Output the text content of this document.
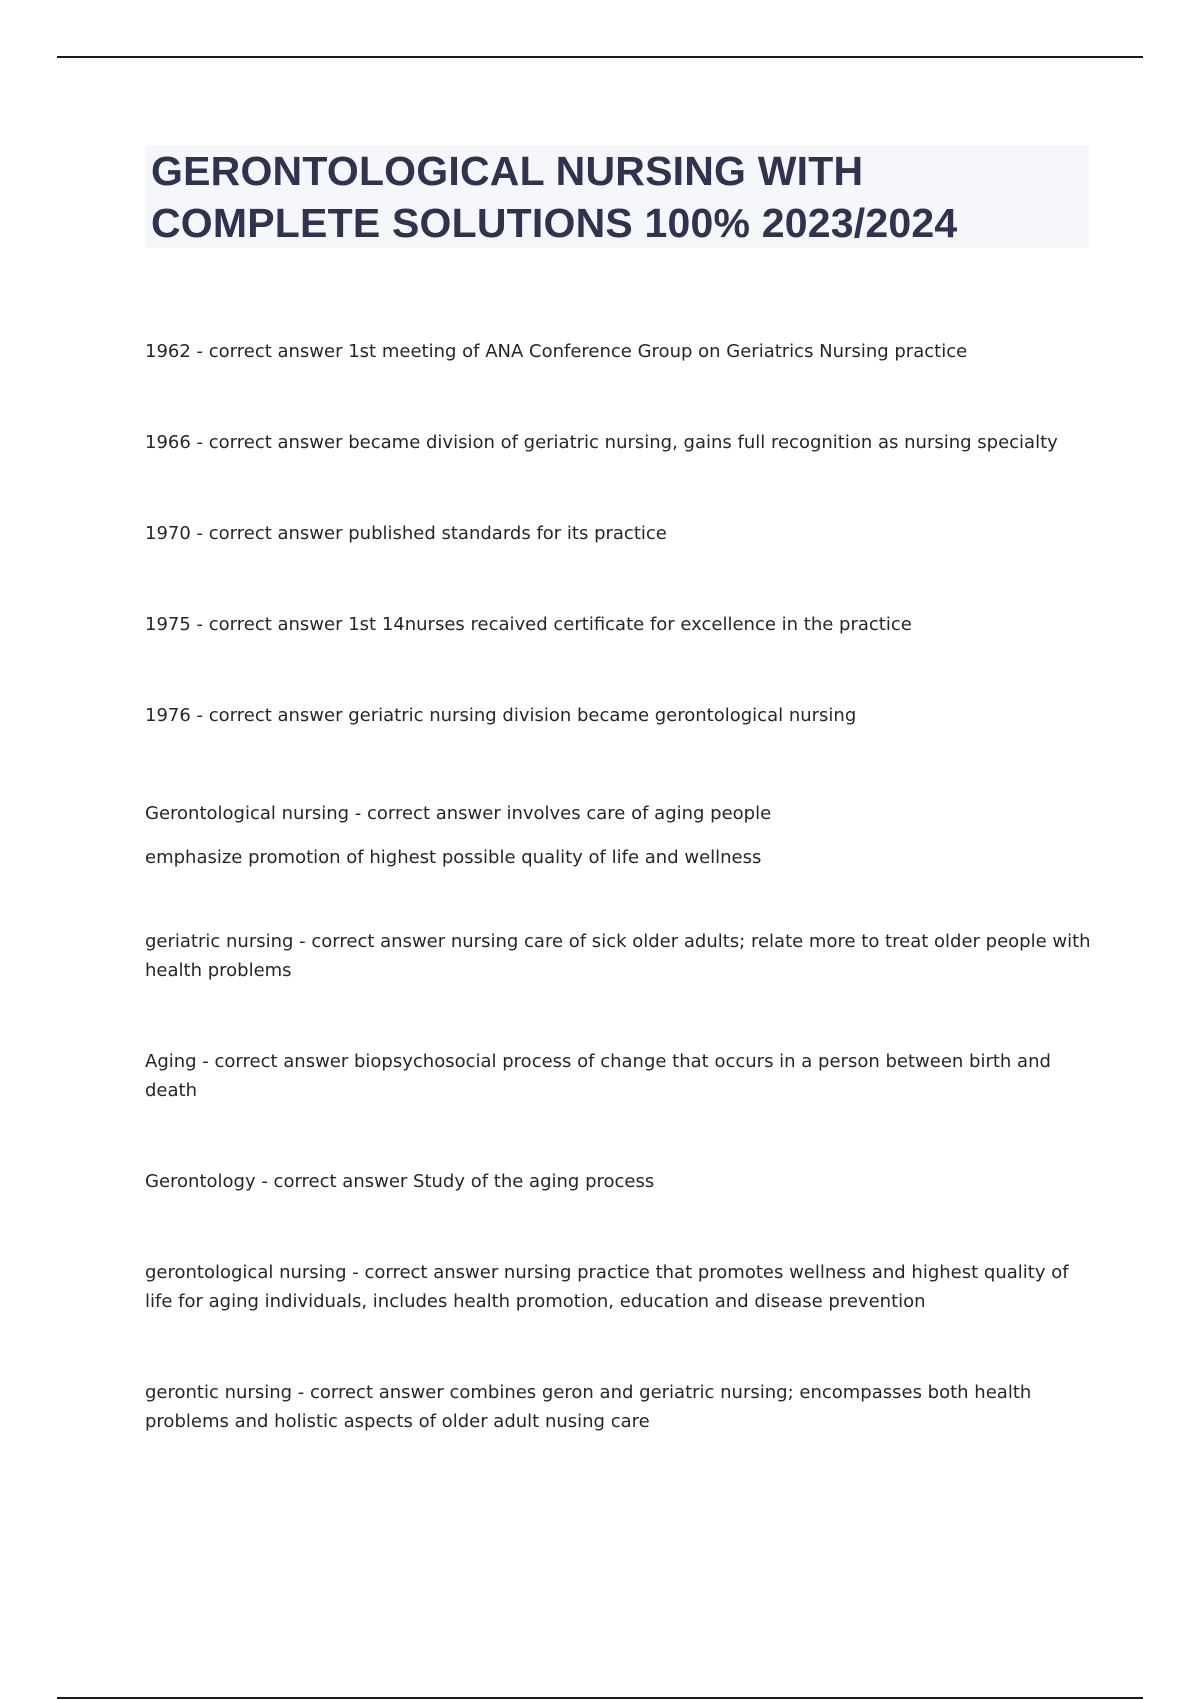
GERONTOLOGICAL NURSING WITH
COMPLETE SOLUTIONS 100% 2023/2024

1962 - correct answer 1st meeting of ANA Conference Group on Geriatrics Nursing practice

1966 - correct answer became division of geriatric nursing, gains full recognition as nursing specialty

1970 - correct answer published standards for its practice

1975 - correct answer 1st 14nurses recaived certificate for excellence in the practice

1976 - correct answer geriatric nursing division became gerontological nursing

Gerontological nursing - correct answer involves care of aging people
emphasize promotion of highest possible quality of life and wellness

geriatric nursing - correct answer nursing care of sick older adults; relate more to treat older people with
health problems

Aging - correct answer biopsychosocial process of change that occurs in a person between birth and
death

Gerontology - correct answer Study of the aging process

gerontological nursing - correct answer nursing practice that promotes wellness and highest quality of
life for aging individuals, includes health promotion, education and disease prevention

gerontic nursing - correct answer combines geron and geriatric nursing; encompasses both health
problems and holistic aspects of older adult nusing care
